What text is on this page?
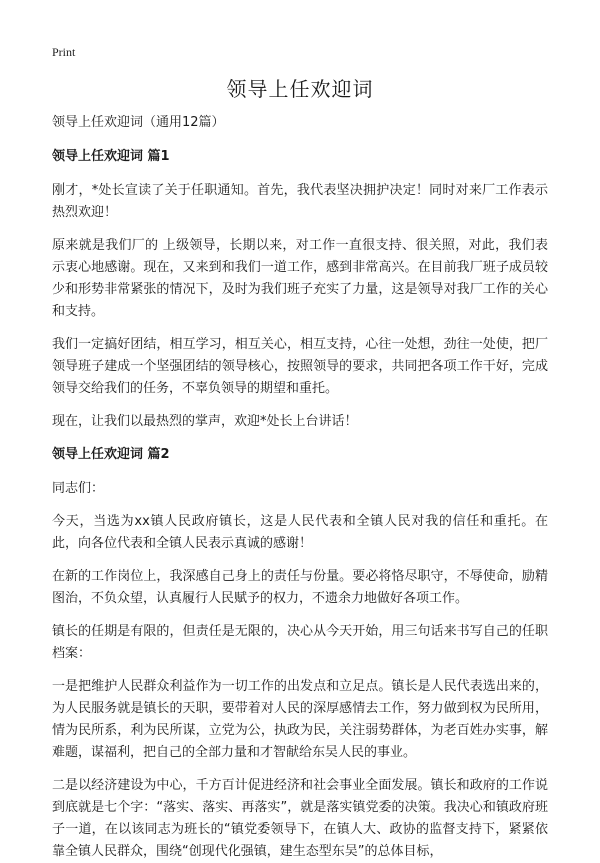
Print
领导上任欢迎词
领导上任欢迎词（通用12篇）
领导上任欢迎词 篇1

刚才，*处长宣读了关于任职通知。首先，我代表坚决拥护决定！同时对来厂工作表示热烈欢迎！

原来就是我们厂的 上级领导，长期以来，对工作一直很支持、很关照，对此，我们表示衷心地感谢。现在，又来到和我们一道工作，感到非常高兴。在目前我厂班子成员较少和形势非常紧张的情况下，及时为我们班子充实了力量，这是领导对我厂工作的关心和支持。

我们一定搞好团结，相互学习，相互关心，相互支持，心往一处想，劲往一处使，把厂领导班子建成一个坚强团结的领导核心，按照领导的要求，共同把各项工作干好，完成领导交给我们的任务，不辜负领导的期望和重托。

现在，让我们以最热烈的掌声，欢迎*处长上台讲话！

领导上任欢迎词 篇2

同志们：

今天，当选为xx镇人民政府镇长，这是人民代表和全镇人民对我的信任和重托。在此，向各位代表和全镇人民表示真诚的感谢！

在新的工作岗位上，我深感自己身上的责任与份量。要必将恪尽职守，不辱使命，励精图治，不负众望，认真履行人民赋予的权力，不遗余力地做好各项工作。

镇长的任期是有限的，但责任是无限的，决心从今天开始，用三句话来书写自己的任职档案：

一是把维护人民群众利益作为一切工作的出发点和立足点。镇长是人民代表选出来的，为人民服务就是镇长的天职，要带着对人民的深厚感情去工作，努力做到权为民所用，情为民所系，利为民所谋，立党为公，执政为民，关注弱势群体，为老百姓办实事，解难题，谋福利，把自己的全部力量和才智献给东吴人民的事业。

二是以经济建设为中心，千方百计促进经济和社会事业全面发展。镇长和政府的工作说到底就是七个字：“落实、落实、再落实”，就是落实镇党委的决策。我决心和镇政府班子一道，在以该同志为班长的“镇党委领导下，在镇人大、政协的监督支持下，紧紧依靠全镇人民群众，围绕“创现代化强镇，建生态型东吴”的总体目标，
